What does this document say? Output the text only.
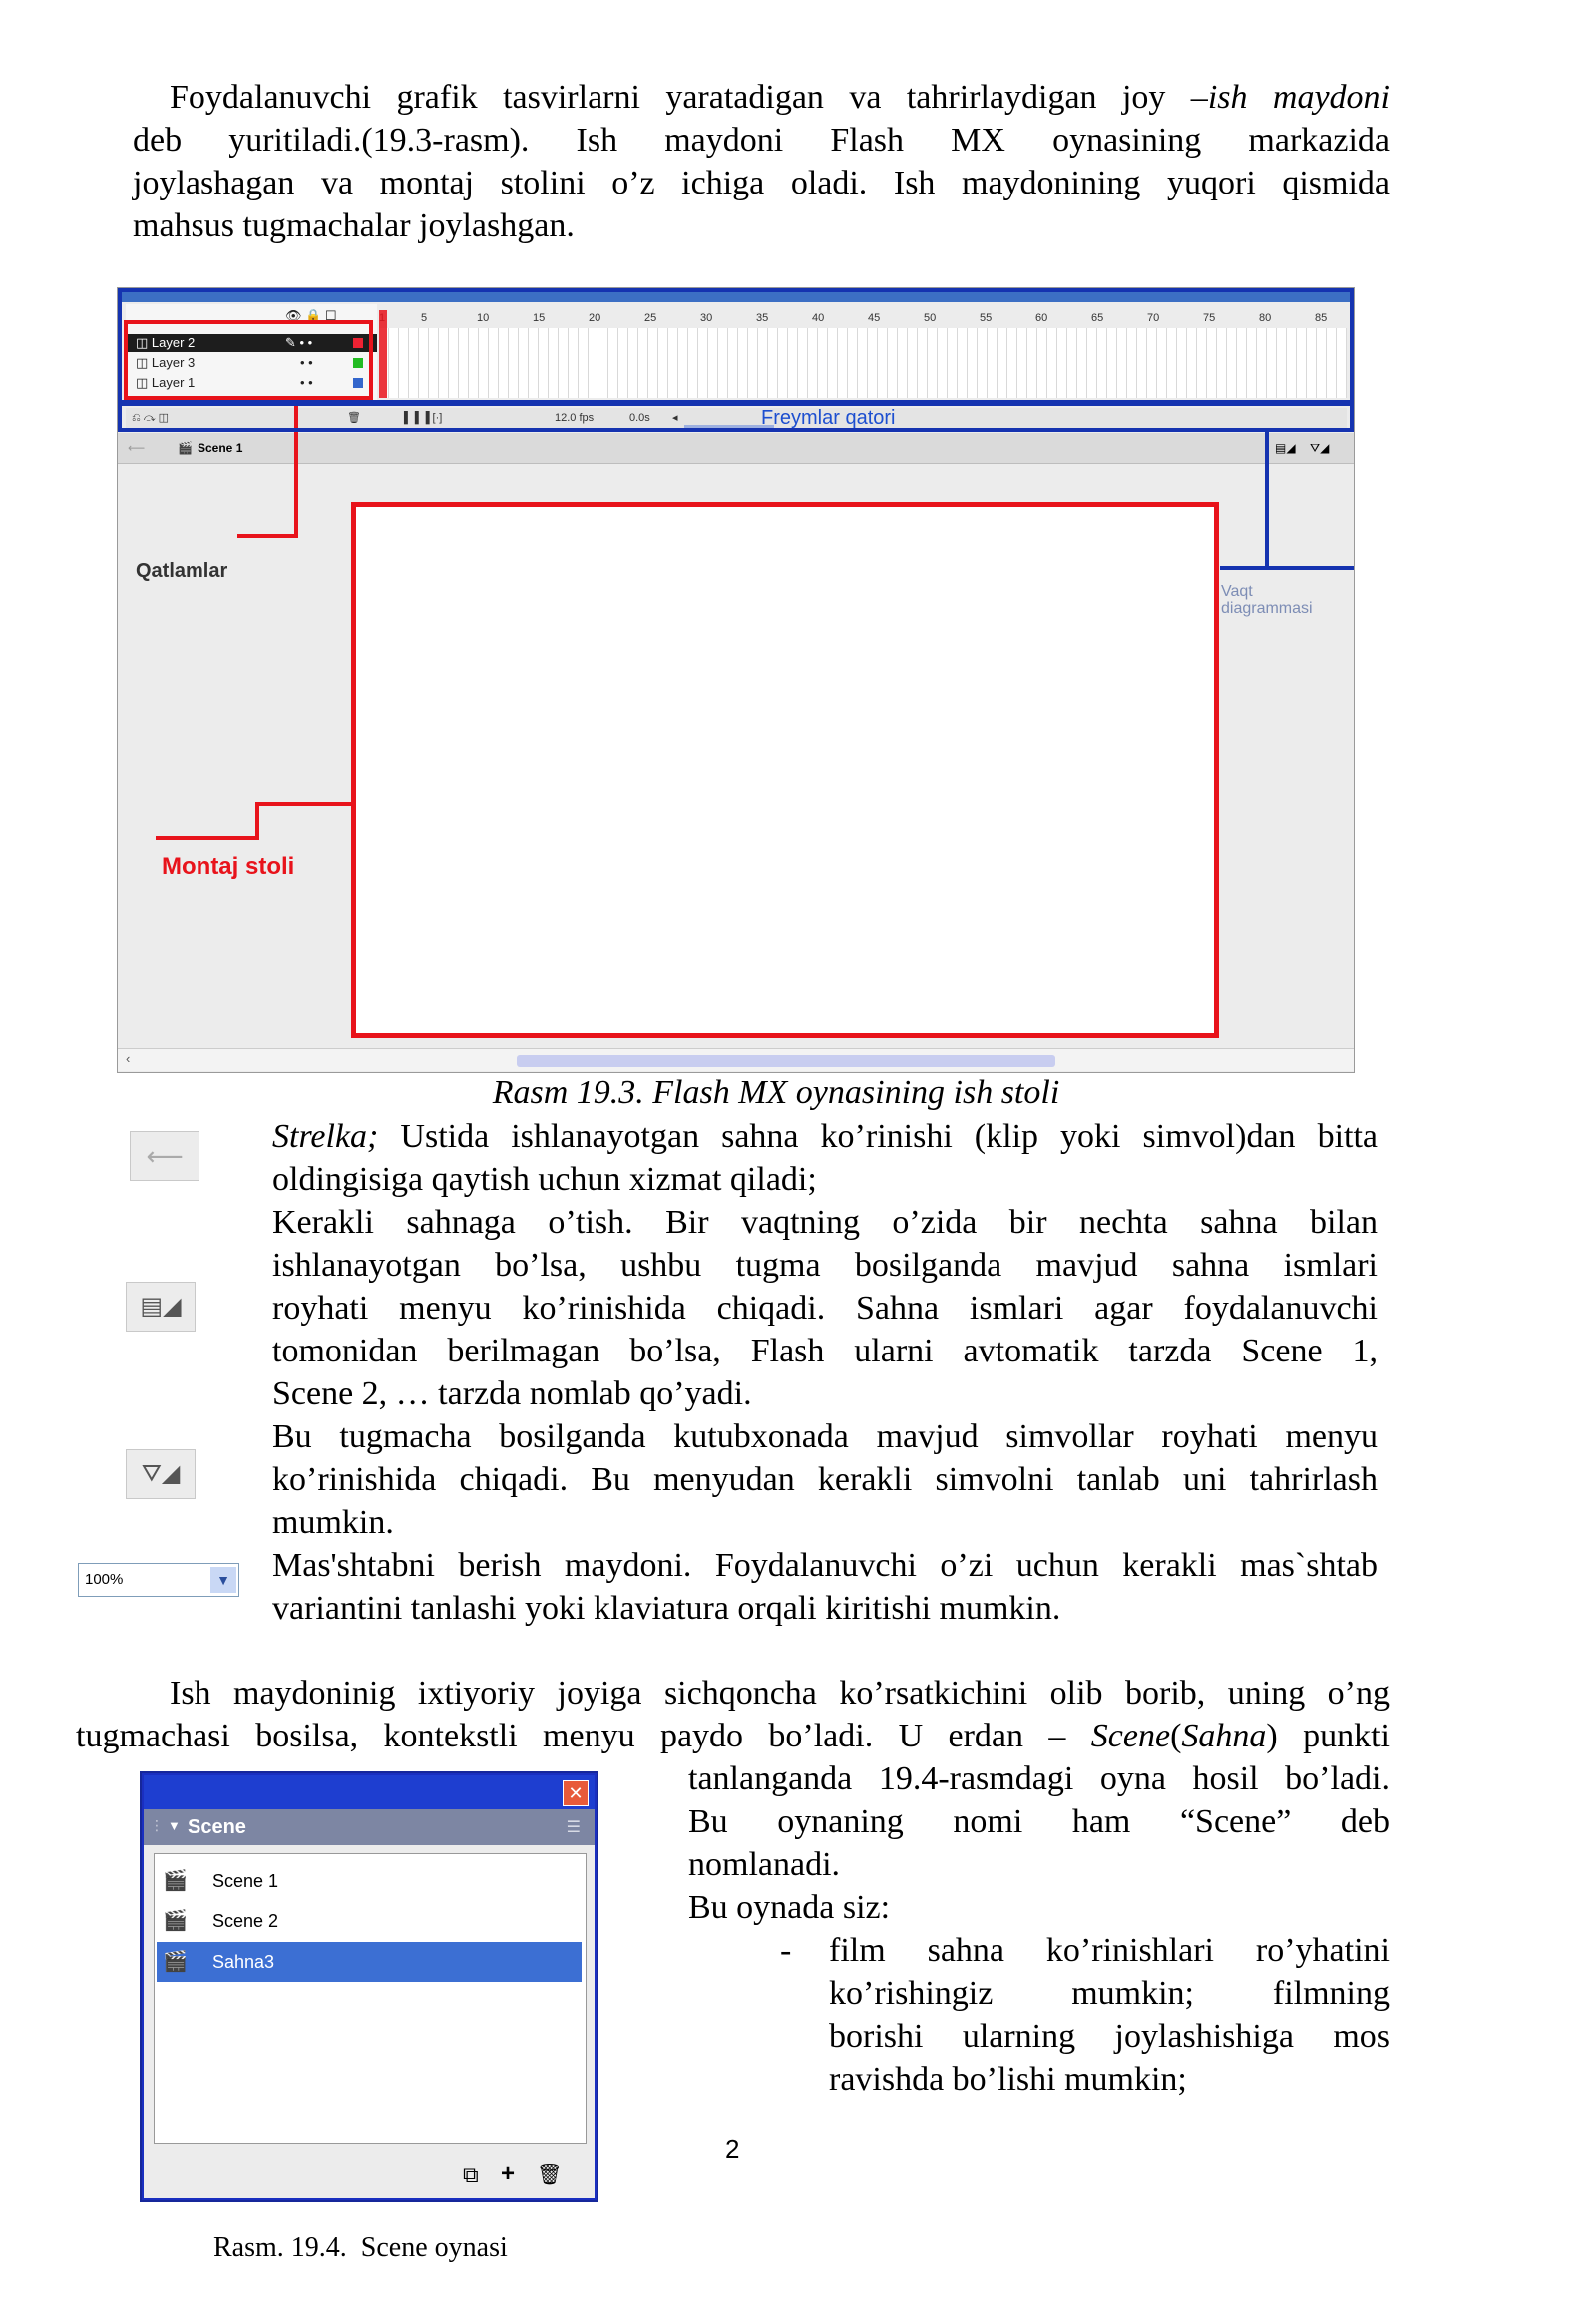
Foydalanuvchi grafik tasvirlarni yaratadigan va tahrirlaydigan joy –ish maydoni

deb yuritiladi.(19.3-rasm). Ish maydoni Flash MX oynasining markazida

joylashagan va montaj stolini o’z ichiga oladi. Ish maydonining yuqori qismida

mahsus tugmachalar joylashgan.

👁 🔒 ☐
◫ Layer 2	✎ • •
◫ Layer 3	• •
◫ Layer 1	• •
5	10	15	20	25	30	35	40	45	50	55	60	65	70	75	80	85
⎌ ⤼ ◫	🗑	▐ ▐ ▐ [·]	12.0 fps	0.0s ◂
⟵	🎬 Scene 1	▤◢ ⛛◢
‹
Freymlar qatori
Qatlamlar
Vaqt
diagrammasi
Montaj stoli
Rasm 19.3. Flash MX oynasining ish stoli
⟵
▤◢
⛛◢
100%	▼

Strelka; Ustida ishlanayotgan sahna ko’rinishi (klip yoki simvol)dan bitta

oldingisiga qaytish uchun xizmat qiladi;

Kerakli sahnaga o’tish. Bir vaqtning o’zida bir nechta sahna bilan

ishlanayotgan bo’lsa, ushbu tugma bosilganda mavjud sahna ismlari

royhati menyu ko’rinishida chiqadi. Sahna ismlari agar foydalanuvchi

tomonidan berilmagan bo’lsa, Flash ularni avtomatik tarzda Scene 1,

Scene 2, … tarzda nomlab qo’yadi.

Bu tugmacha bosilganda kutubxonada mavjud simvollar royhati menyu

ko’rinishida chiqadi. Bu menyudan kerakli simvolni tanlab uni tahrirlash

mumkin.

Mas'shtabni berish maydoni. Foydalanuvchi o’zi uchun kerakli mas`shtab

variantini tanlashi yoki klaviatura orqali kiritishi mumkin.

Ish maydoninig ixtiyoriy joyiga sichqoncha ko’rsatkichini olib borib, uning o’ng

tugmachasi bosilsa, kontekstli menyu paydo bo’ladi. U erdan – Scene(Sahna) punkti

tanlanganda 19.4-rasmdagi oyna hosil bo’ladi.

Bu oynaning nomi ham “Scene” deb

nomlanadi.

Bu oynada siz:

- film sahna ko’rinishlari ro’yhatini

ko’rishingiz mumkin; filmning

borishi ularning joylashishiga mos

ravishda bo’lishi mumkin;

2
✕
⋮ ▼ Scene	☰
🎬 Scene 1
🎬 Scene 2
🎬 Sahna3
⧉ + 🗑
Rasm. 19.4.  Scene oynasi
